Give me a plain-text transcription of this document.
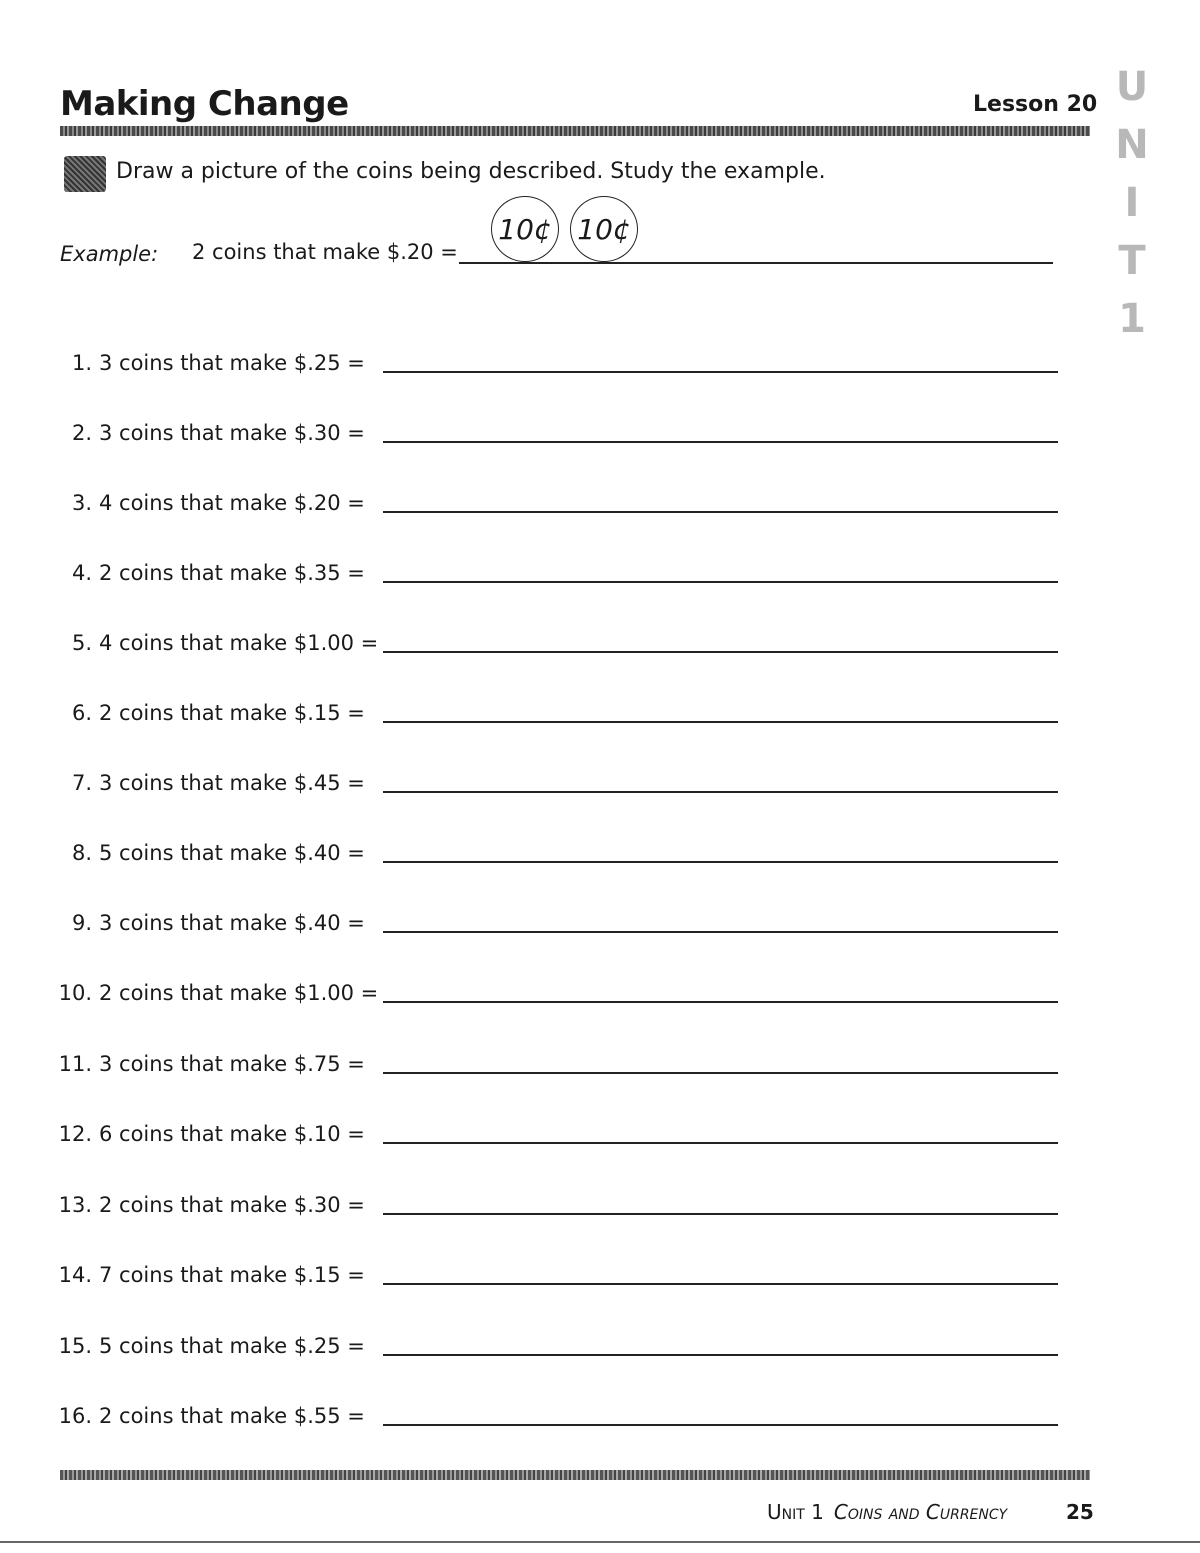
Making Change	Lesson 20 U
N
I
T
1
Draw a picture of the coins being described. Study the example.
Example: 2 coins that make $.20 =
10¢ 10¢
1. 3 coins that make $.25 =
2. 3 coins that make $.30 =
3. 4 coins that make $.20 =
4. 2 coins that make $.35 =
5. 4 coins that make $1.00 =
6. 2 coins that make $.15 =
7. 3 coins that make $.45 =
8. 5 coins that make $.40 =
9. 3 coins that make $.40 =
10. 2 coins that make $1.00 =
11. 3 coins that make $.75 =
12. 6 coins that make $.10 =
13. 2 coins that make $.30 =
14. 7 coins that make $.15 =
15. 5 coins that make $.25 =
16. 2 coins that make $.55 =
Unit 1 Coins and Currency	25
